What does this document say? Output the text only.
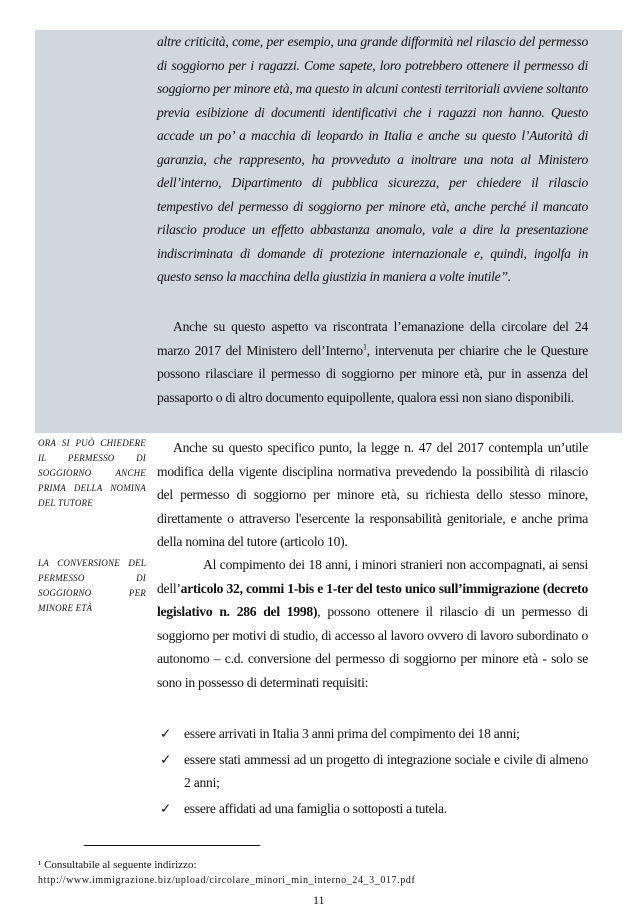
altre criticità, come, per esempio, una grande difformità nel rilascio del permesso di soggiorno per i ragazzi. Come sapete, loro potrebbero ottenere il permesso di soggiorno per minore età, ma questo in alcuni contesti territoriali avviene soltanto previa esibizione di documenti identificativi che i ragazzi non hanno. Questo accade un po’ a macchia di leopardo in Italia e anche su questo l’Autorità di garanzia, che rappresento, ha provveduto a inoltrare una nota al Ministero dell’interno, Dipartimento di pubblica sicurezza, per chiedere il rilascio tempestivo del permesso di soggiorno per minore età, anche perché il mancato rilascio produce un effetto abbastanza anomalo, vale a dire la presentazione indiscriminata di domande di protezione internazionale e, quindi, ingolfa in questo senso la macchina della giustizia in maniera a volte inutile”.

Anche su questo aspetto va riscontrata l’emanazione della circolare del 24 marzo 2017 del Ministero dell’Interno$^1$, intervenuta per chiarire che le Questure possono rilasciare il permesso di soggiorno per minore età, pur in assenza del passaporto o di altro documento equipollente, qualora essi non siano disponibili.

ORA SI PUÒ CHIEDERE IL PERMESSO DI SOGGIORNO ANCHE PRIMA DELLA NOMINA DEL TUTORE

Anche su questo specifico punto, la legge n. 47 del 2017 contempla un’utile modifica della vigente disciplina normativa prevedendo la possibilità di rilascio del permesso di soggiorno per minore età, su richiesta dello stesso minore, direttamente o attraverso l'esercente la responsabilità genitoriale, e anche prima della nomina del tutore (articolo 10).

LA CONVERSIONE DEL PERMESSO DI SOGGIORNO PER MINORE ETÀ

Al compimento dei 18 anni, i minori stranieri non accompagnati, ai sensi dell’articolo 32, commi 1-bis e 1-ter del testo unico sull’immigrazione (decreto legislativo n. 286 del 1998), possono ottenere il rilascio di un permesso di soggiorno per motivi di studio, di accesso al lavoro ovvero di lavoro subordinato o autonomo – c.d. conversione del permesso di soggiorno per minore età - solo se sono in possesso di determinati requisiti:

✓ essere arrivati in Italia 3 anni prima del compimento dei 18 anni;
✓ essere stati ammessi ad un progetto di integrazione sociale e civile di almeno 2 anni;
✓ essere affidati ad una famiglia o sottoposti a tutela.
¹ Consultabile al seguente indirizzo:
http://www.immigrazione.biz/upload/circolare_minori_min_interno_24_3_017.pdf
11
